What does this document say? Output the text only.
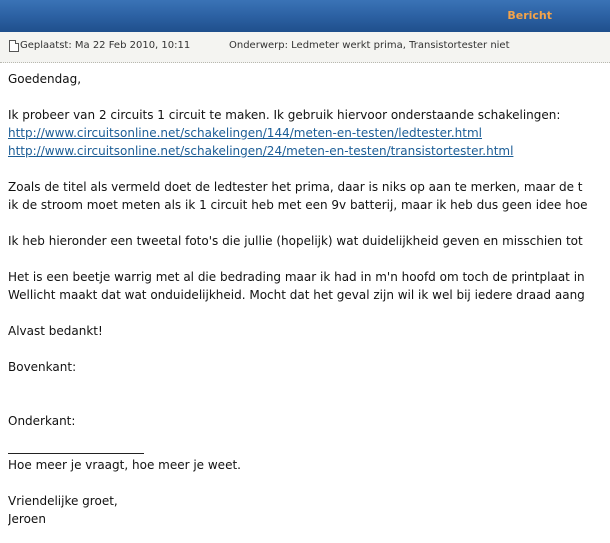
Bericht
Geplaatst: Ma 22 Feb 2010, 10:11	Onderwerp: Ledmeter werkt prima, Transistortester niet

Goedendag,

Ik probeer van 2 circuits 1 circuit te maken. Ik gebruik hiervoor onderstaande schakelingen:

http://www.circuitsonline.net/schakelingen/144/meten-en-testen/ledtester.html

http://www.circuitsonline.net/schakelingen/24/meten-en-testen/transistortester.html

Zoals de titel als vermeld doet de ledtester het prima, daar is niks op aan te merken, maar de t

ik de stroom moet meten als ik 1 circuit heb met een 9v batterij, maar ik heb dus geen idee hoe

Ik heb hieronder een tweetal foto's die jullie (hopelijk) wat duidelijkheid geven en misschien tot

Het is een beetje warrig met al die bedrading maar ik had in m'n hoofd om toch de printplaat in

Wellicht maakt dat wat onduidelijkheid. Mocht dat het geval zijn wil ik wel bij iedere draad aang

Alvast bedankt!

Bovenkant:

Onderkant:

Hoe meer je vraagt, hoe meer je weet.

Vriendelijke groet,

Jeroen
